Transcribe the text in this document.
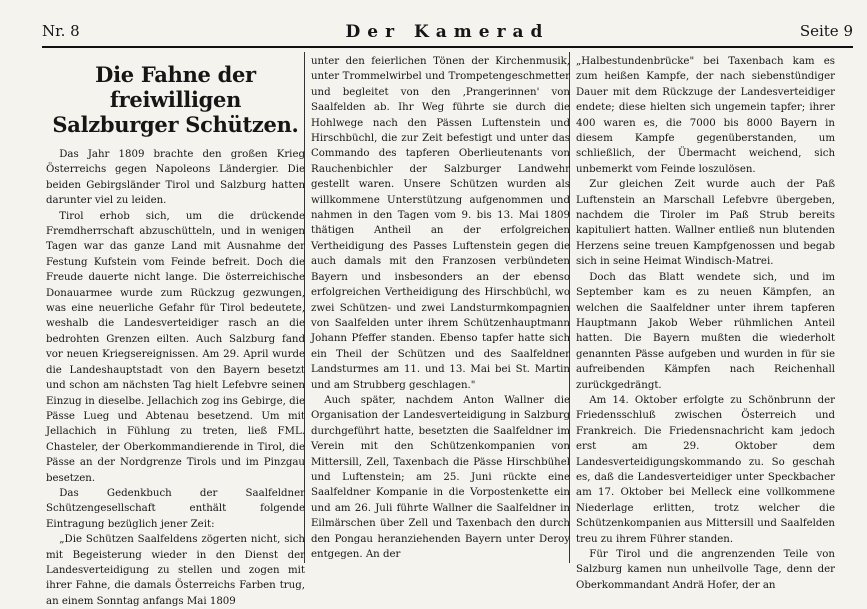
Nr. 8	Der Kamerad	Seite 9
Die Fahne der freiwilligen Salzburger Schützen.

Das Jahr 1809 brachte den großen Krieg Österreichs gegen Napoleons Ländergier. Die beiden Gebirgsländer Tirol und Salzburg hatten darunter viel zu leiden.

Tirol erhob sich, um die drückende Fremdherrschaft abzuschütteln, und in wenigen Tagen war das ganze Land mit Ausnahme der Festung Kufstein vom Feinde befreit. Doch die Freude dauerte nicht lange. Die österreichische Donauarmee wurde zum Rückzug gezwungen, was eine neuerliche Gefahr für Tirol bedeutete, weshalb die Landesverteidiger rasch an die bedrohten Grenzen eilten. Auch Salzburg fand vor neuen Kriegsereignissen. Am 29. April wurde die Landeshauptstadt von den Bayern besetzt und schon am nächsten Tag hielt Lefebvre seinen Einzug in dieselbe. Jellachich zog ins Gebirge, die Pässe Lueg und Abtenau besetzend. Um mit Jellachich in Fühlung zu treten, ließ FML. Chasteler, der Oberkommandierende in Tirol, die Pässe an der Nordgrenze Tirols und im Pinzgau besetzen.

Das Gedenkbuch der Saalfeldner Schützengesellschaft enthält folgende Eintragung bezüglich jener Zeit:

„Die Schützen Saalfeldens zögerten nicht, sich mit Begeisterung wieder in den Dienst der Landesverteidigung zu stellen und zogen mit ihrer Fahne, die damals Österreichs Farben trug, an einem Sonntag anfangs Mai 1809

unter den feierlichen Tönen der Kirchenmusik, unter Trommelwirbel und Trompetengeschmetter und begleitet von den ‚Prangerinnen' von Saalfelden ab. Ihr Weg führte sie durch die Hohlwege nach den Pässen Luftenstein und Hirschbüchl, die zur Zeit befestigt und unter das Commando des tapferen Oberlieutenants von Rauchenbichler der Salzburger Landwehr gestellt waren. Unsere Schützen wurden als willkommene Unterstützung aufgenommen und nahmen in den Tagen vom 9. bis 13. Mai 1809 thätigen Antheil an der erfolgreichen Vertheidigung des Passes Luftenstein gegen die auch damals mit den Franzosen verbündeten Bayern und insbesonders an der ebenso erfolgreichen Vertheidigung des Hirschbüchl, wo zwei Schützen- und zwei Landsturmkompagnien von Saalfelden unter ihrem Schützenhauptmann Johann Pfeffer standen. Ebenso tapfer hatte sich ein Theil der Schützen und des Saalfeldner Landsturmes am 11. und 13. Mai bei St. Martin und am Strubberg geschlagen."

Auch später, nachdem Anton Wallner die Organisation der Landesverteidigung in Salzburg durchgeführt hatte, besetzten die Saalfeldner im Verein mit den Schützenkompanien von Mittersill, Zell, Taxenbach die Pässe Hirschbühel und Luftenstein; am 25. Juni rückte eine Saalfeldner Kompanie in die Vorpostenkette ein und am 26. Juli führte Wallner die Saalfeldner in Eilmärschen über Zell und Taxenbach den durch den Pongau heranziehenden Bayern unter Deroy entgegen. An der

„Halbestundenbrücke" bei Taxenbach kam es zum heißen Kampfe, der nach siebenstündiger Dauer mit dem Rückzuge der Landesverteidiger endete; diese hielten sich ungemein tapfer; ihrer 400 waren es, die 7000 bis 8000 Bayern in diesem Kampfe gegenüberstanden, um schließlich, der Übermacht weichend, sich unbemerkt vom Feinde loszulösen.

Zur gleichen Zeit wurde auch der Paß Luftenstein an Marschall Lefebvre übergeben, nachdem die Tiroler im Paß Strub bereits kapituliert hatten. Wallner entließ nun blutenden Herzens seine treuen Kampfgenossen und begab sich in seine Heimat Windisch-Matrei.

Doch das Blatt wendete sich, und im September kam es zu neuen Kämpfen, an welchen die Saalfeldner unter ihrem tapferen Hauptmann Jakob Weber rühmlichen Anteil hatten. Die Bayern mußten die wiederholt genannten Pässe aufgeben und wurden in für sie aufreibenden Kämpfen nach Reichenhall zurückgedrängt.

Am 14. Oktober erfolgte zu Schönbrunn der Friedensschluß zwischen Österreich und Frankreich. Die Friedensnachricht kam jedoch erst am 29. Oktober dem Landesverteidigungskommando zu. So geschah es, daß die Landesverteidiger unter Speckbacher am 17. Oktober bei Melleck eine vollkommene Niederlage erlitten, trotz welcher die Schützenkompanien aus Mittersill und Saalfelden treu zu ihrem Führer standen.

Für Tirol und die angrenzenden Teile von Salzburg kamen nun unheilvolle Tage, denn der Oberkommandant Andrä Hofer, der an
